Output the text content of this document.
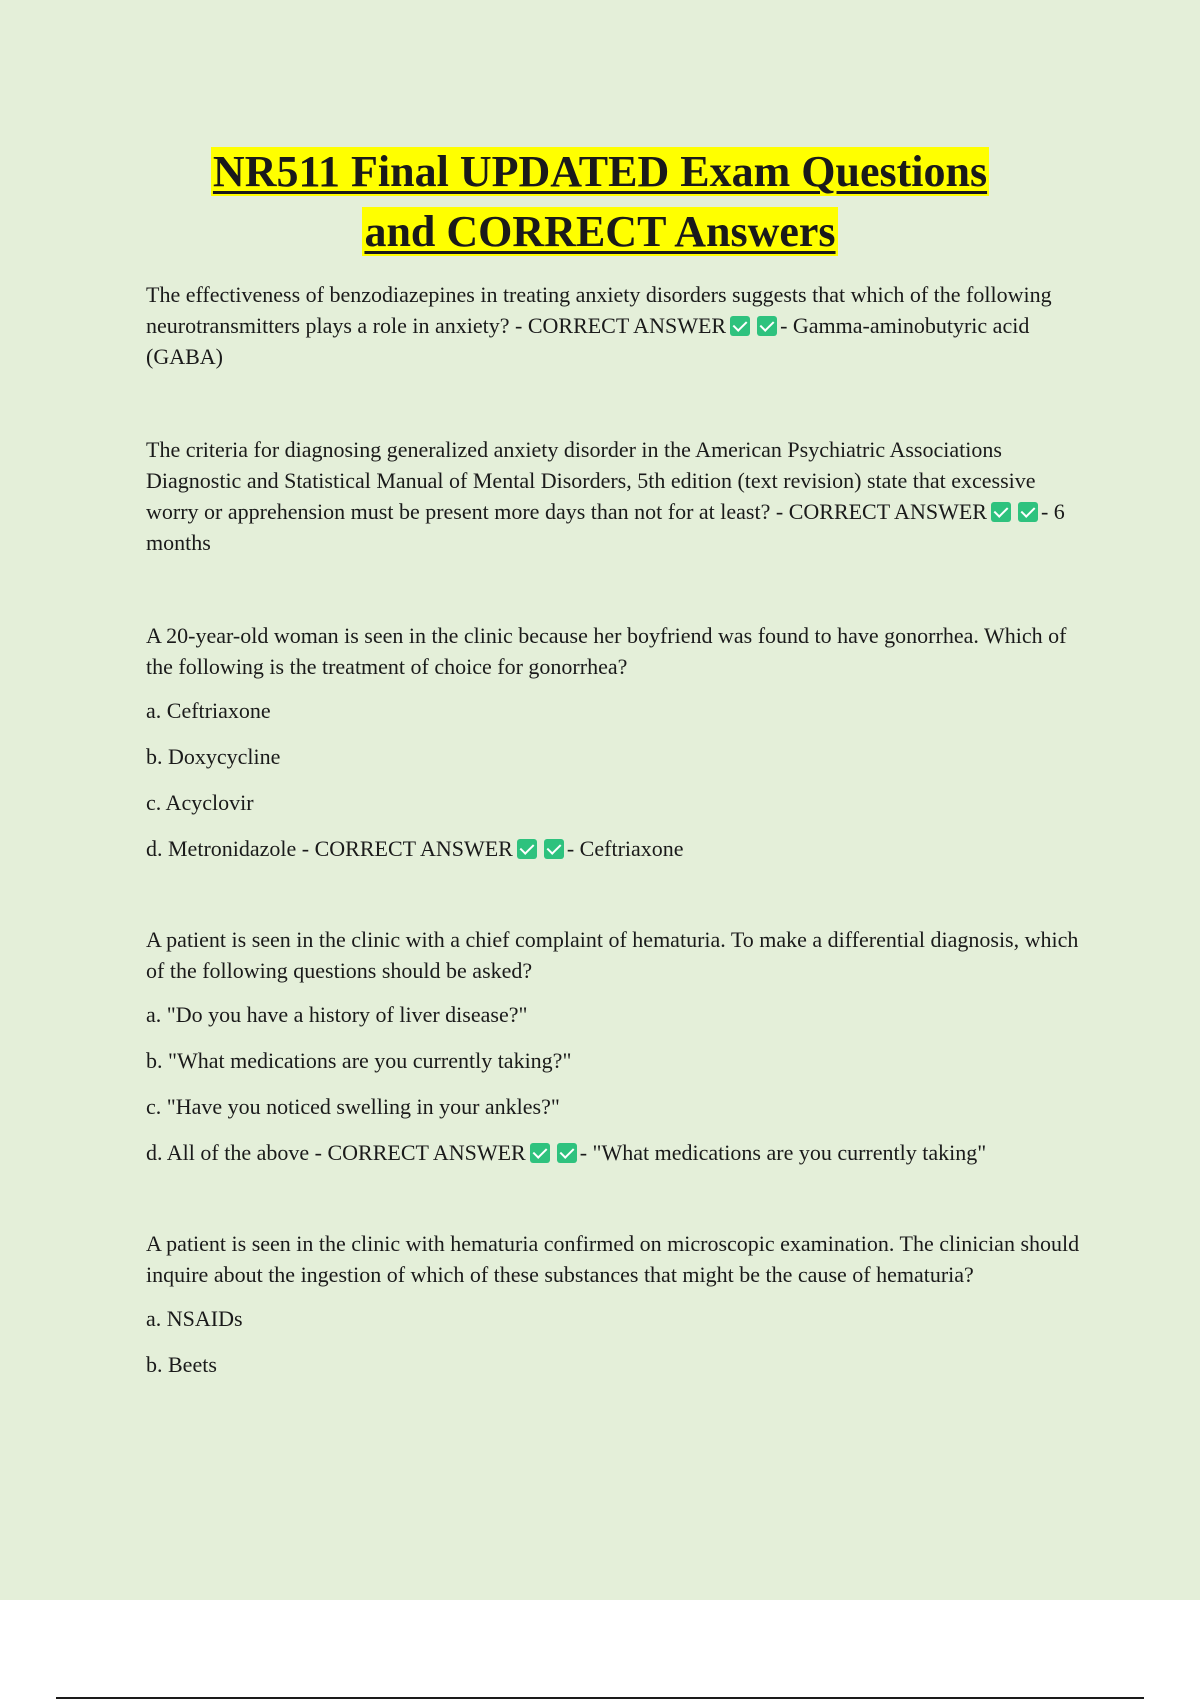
NR511 Final UPDATED Exam Questions
and CORRECT Answers

The effectiveness of benzodiazepines in treating anxiety disorders suggests that which of the following neurotransmitters plays a role in anxiety? - CORRECT ANSWER - Gamma-aminobutyric acid (GABA)

The criteria for diagnosing generalized anxiety disorder in the American Psychiatric Associations Diagnostic and Statistical Manual of Mental Disorders, 5th edition (text revision) state that excessive worry or apprehension must be present more days than not for at least? - CORRECT ANSWER - 6 months

A 20-year-old woman is seen in the clinic because her boyfriend was found to have gonorrhea. Which of the following is the treatment of choice for gonorrhea?

a. Ceftriaxone

b. Doxycycline

c. Acyclovir

d. Metronidazole - CORRECT ANSWER - Ceftriaxone

A patient is seen in the clinic with a chief complaint of hematuria. To make a differential diagnosis, which of the following questions should be asked?

a. "Do you have a history of liver disease?"

b. "What medications are you currently taking?"

c. "Have you noticed swelling in your ankles?"

d. All of the above - CORRECT ANSWER - "What medications are you currently taking"

A patient is seen in the clinic with hematuria confirmed on microscopic examination. The clinician should inquire about the ingestion of which of these substances that might be the cause of hematuria?

a. NSAIDs

b. Beets
